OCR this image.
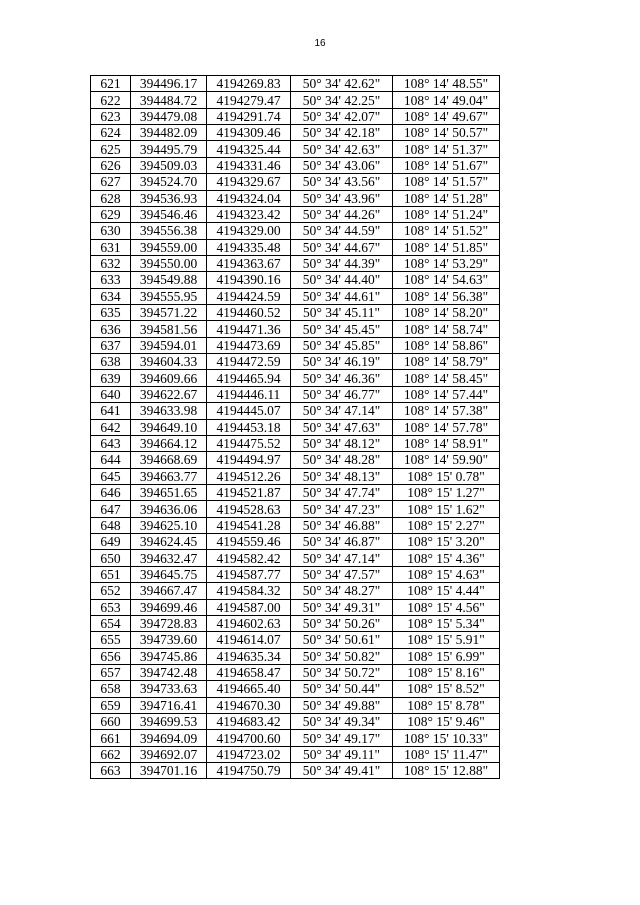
16
621	394496.17	4194269.83	50° 34' 42.62"	108° 14' 48.55"
622	394484.72	4194279.47	50° 34' 42.25"	108° 14' 49.04"
623	394479.08	4194291.74	50° 34' 42.07"	108° 14' 49.67"
624	394482.09	4194309.46	50° 34' 42.18"	108° 14' 50.57"
625	394495.79	4194325.44	50° 34' 42.63"	108° 14' 51.37"
626	394509.03	4194331.46	50° 34' 43.06"	108° 14' 51.67"
627	394524.70	4194329.67	50° 34' 43.56"	108° 14' 51.57"
628	394536.93	4194324.04	50° 34' 43.96"	108° 14' 51.28"
629	394546.46	4194323.42	50° 34' 44.26"	108° 14' 51.24"
630	394556.38	4194329.00	50° 34' 44.59"	108° 14' 51.52"
631	394559.00	4194335.48	50° 34' 44.67"	108° 14' 51.85"
632	394550.00	4194363.67	50° 34' 44.39"	108° 14' 53.29"
633	394549.88	4194390.16	50° 34' 44.40"	108° 14' 54.63"
634	394555.95	4194424.59	50° 34' 44.61"	108° 14' 56.38"
635	394571.22	4194460.52	50° 34' 45.11"	108° 14' 58.20"
636	394581.56	4194471.36	50° 34' 45.45"	108° 14' 58.74"
637	394594.01	4194473.69	50° 34' 45.85"	108° 14' 58.86"
638	394604.33	4194472.59	50° 34' 46.19"	108° 14' 58.79"
639	394609.66	4194465.94	50° 34' 46.36"	108° 14' 58.45"
640	394622.67	4194446.11	50° 34' 46.77"	108° 14' 57.44"
641	394633.98	4194445.07	50° 34' 47.14"	108° 14' 57.38"
642	394649.10	4194453.18	50° 34' 47.63"	108° 14' 57.78"
643	394664.12	4194475.52	50° 34' 48.12"	108° 14' 58.91"
644	394668.69	4194494.97	50° 34' 48.28"	108° 14' 59.90"
645	394663.77	4194512.26	50° 34' 48.13"	108° 15' 0.78"
646	394651.65	4194521.87	50° 34' 47.74"	108° 15' 1.27"
647	394636.06	4194528.63	50° 34' 47.23"	108° 15' 1.62"
648	394625.10	4194541.28	50° 34' 46.88"	108° 15' 2.27"
649	394624.45	4194559.46	50° 34' 46.87"	108° 15' 3.20"
650	394632.47	4194582.42	50° 34' 47.14"	108° 15' 4.36"
651	394645.75	4194587.77	50° 34' 47.57"	108° 15' 4.63"
652	394667.47	4194584.32	50° 34' 48.27"	108° 15' 4.44"
653	394699.46	4194587.00	50° 34' 49.31"	108° 15' 4.56"
654	394728.83	4194602.63	50° 34' 50.26"	108° 15' 5.34"
655	394739.60	4194614.07	50° 34' 50.61"	108° 15' 5.91"
656	394745.86	4194635.34	50° 34' 50.82"	108° 15' 6.99"
657	394742.48	4194658.47	50° 34' 50.72"	108° 15' 8.16"
658	394733.63	4194665.40	50° 34' 50.44"	108° 15' 8.52"
659	394716.41	4194670.30	50° 34' 49.88"	108° 15' 8.78"
660	394699.53	4194683.42	50° 34' 49.34"	108° 15' 9.46"
661	394694.09	4194700.60	50° 34' 49.17"	108° 15' 10.33"
662	394692.07	4194723.02	50° 34' 49.11"	108° 15' 11.47"
663	394701.16	4194750.79	50° 34' 49.41"	108° 15' 12.88"
